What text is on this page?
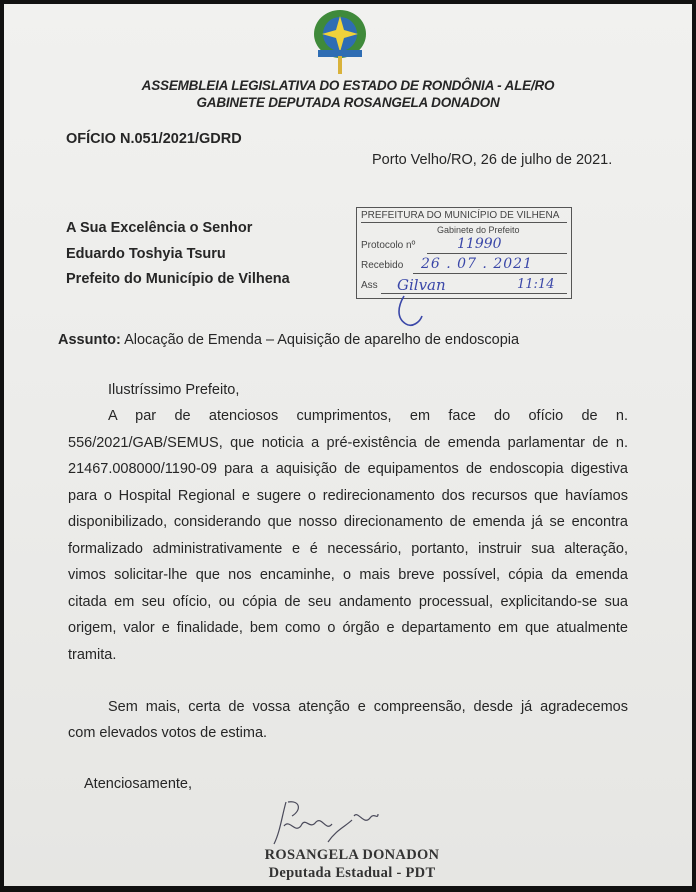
ASSEMBLEIA LEGISLATIVA DO ESTADO DE RONDÔNIA - ALE/RO
GABINETE DEPUTADA ROSANGELA DONADON
OFÍCIO N.051/2021/GDRD
Porto Velho/RO, 26 de julho de 2021.
A Sua Excelência o Senhor
Eduardo Toshyia Tsuru
Prefeito do Município de Vilhena
PREFEITURA DO MUNICÍPIO DE VILHENA
Gabinete do Prefeito
Protocolo nº
Recebido
Ass
11990
26 . 07 . 2021
Gilvan	11:14
Assunto: Alocação de Emenda – Aquisição de aparelho de endoscopia
Ilustríssimo Prefeito,
A par de atenciosos cumprimentos, em face do ofício de n.
556/2021/GAB/SEMUS, que noticia a pré-existência de emenda parlamentar de n.
21467.008000/1190-09 para a aquisição de equipamentos de endoscopia digestiva
para o Hospital Regional e sugere o redirecionamento dos recursos que havíamos
disponibilizado, considerando que nosso direcionamento de emenda já se encontra
formalizado administrativamente e é necessário, portanto, instruir sua alteração,
vimos solicitar-lhe que nos encaminhe, o mais breve possível, cópia da emenda
citada em seu ofício, ou cópia de seu andamento processual, explicitando-se sua
origem, valor e finalidade, bem como o órgão e departamento em que atualmente
tramita.
Sem mais, certa de vossa atenção e compreensão, desde já agradecemos
com elevados votos de estima.
Atenciosamente,
ROSANGELA DONADON
Deputada Estadual - PDT
